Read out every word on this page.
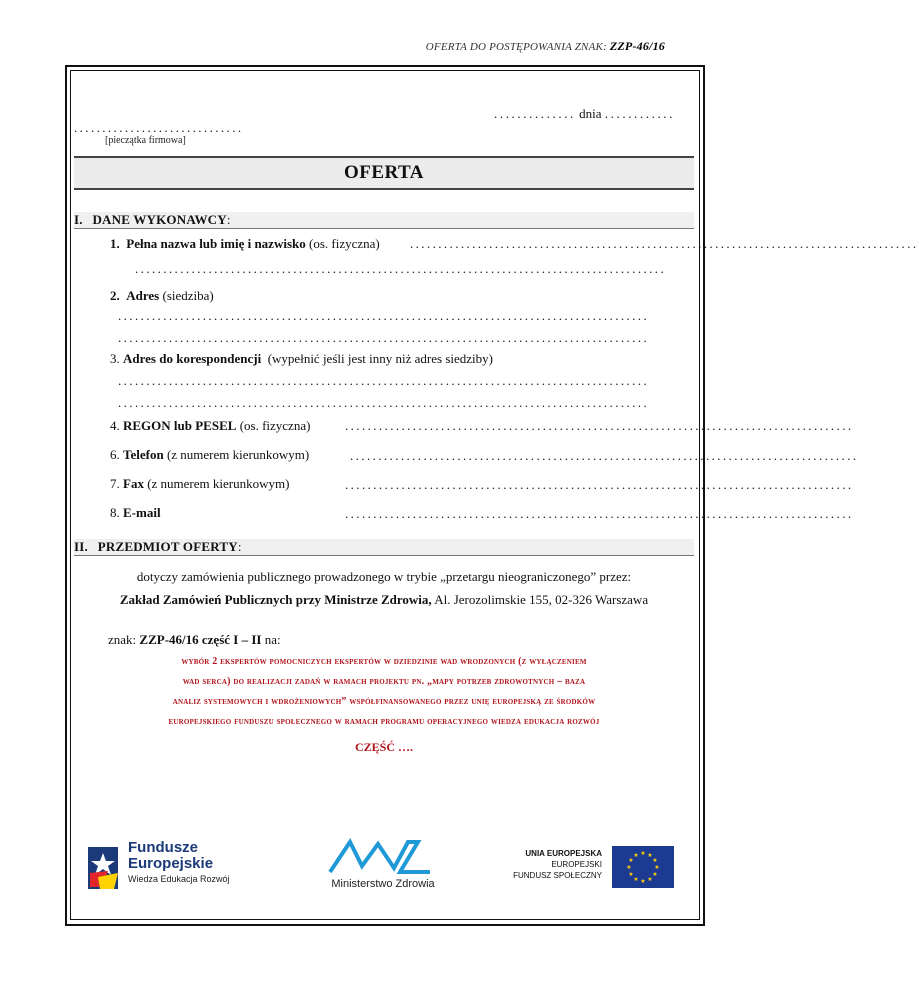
OFERTA DO POSTĘPOWANIA ZNAK: ZZP-46/16
.............. dnia ............
..............................
[pieczątka firmowa]
OFERTA
I. DANE WYKONAWCY:
1. Pełna nazwa lub imię i nazwisko (os. fizyczna) ..........................................................................................
..............................................................................................
2. Adres (siedziba)
..............................................................................................
..............................................................................................
3. Adres do korespondencji (wypełnić jeśli jest inny niż adres siedziby)
..............................................................................................
..............................................................................................
4. REGON lub PESEL (os. fizyczna)	..........................................................................................
6. Telefon (z numerem kierunkowym)	..........................................................................................
7. Fax (z numerem kierunkowym)	..........................................................................................
8. E-mail	..........................................................................................
II. PRZEDMIOT OFERTY:
dotyczy zamówienia publicznego prowadzonego w trybie „przetargu nieograniczonego” przez:
Zakład Zamówień Publicznych przy Ministrze Zdrowia, Al. Jerozolimskie 155, 02-326 Warszawa
znak: ZZP-46/16 część I – II na:
wybór 2 ekspertów pomocniczych ekspertów w dziedzinie wad wrodzonych (z wyłączeniem
wad serca) do realizacji zadań w ramach projektu pn. „mapy potrzeb zdrowotnych – baza
analiz systemowych i wdrożeniowych” współfinansowanego przez unię europejską ze środków
europejskiego funduszu społecznego w ramach programu operacyjnego wiedza edukacja rozwój
CZĘŚĆ ….
Fundusze
Europejskie
Wiedza Edukacja Rozwój	Ministerstwo Zdrowia
UNIA EUROPEJSKA
EUROPEJSKI
FUNDUSZ SPOŁECZNY
★ ★
★
★
★
★
★
★
★
★
★
★
